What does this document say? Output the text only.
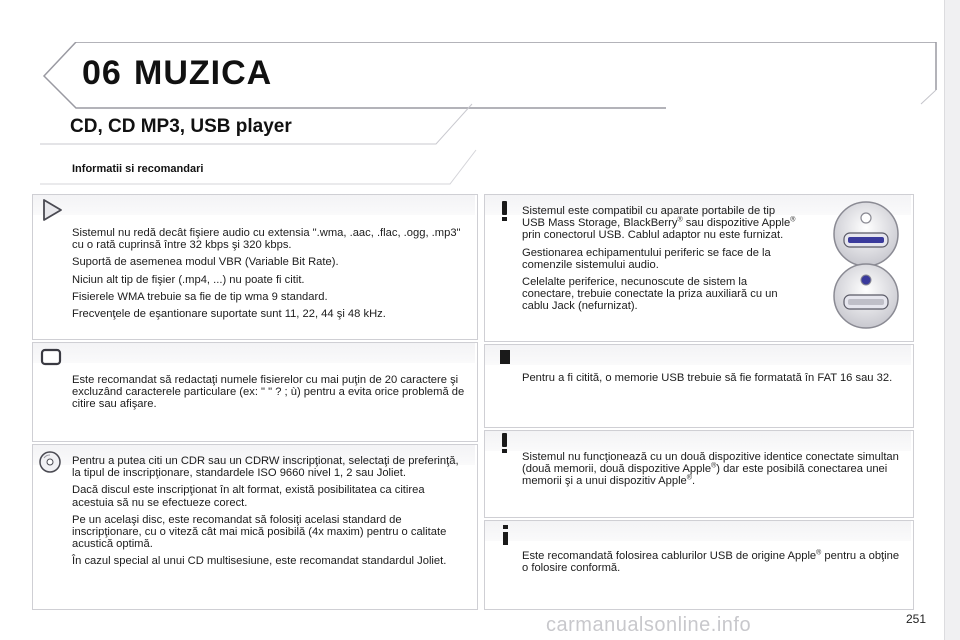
06 MUZICA
CD, CD MP3, USB player
Informatii si recomandari

Sistemul nu redă decât fişiere audio cu extensia ".wma, .aac, .flac, .ogg, .mp3" cu o rată cuprinsă între 32 kbps şi 320 kbps.

Suportă de asemenea modul VBR (Variable Bit Rate).

Niciun alt tip de fişier (.mp4, ...) nu poate fi citit.

Fisierele WMA trebuie sa fie de tip wma 9 standard.

Frecvenţele de eşantionare suportate sunt 11, 22, 44 şi 48 kHz.

Este recomandat să redactaţi numele fisierelor cu mai puţin de 20 caractere şi excluzând caracterele particulare (ex: " " ? ; ù) pentru a evita orice problemă de citire sau afişare.

Pentru a putea citi un CDR sau un CDRW inscripţionat, selectaţi de preferinţă, la tipul de inscripţionare, standardele ISO 9660 nivel 1, 2 sau Joliet.

Dacă discul este inscripţionat în alt format, există posibilitatea ca citirea acestuia să nu se efectueze corect.

Pe un acelaşi disc, este recomandat să folosiţi acelasi standard de inscripţionare, cu o viteză cât mai mică posibilă (4x maxim) pentru o calitate acustică optimă.

În cazul special al unui CD multisesiune, este recomandat standardul Joliet.

Sistemul este compatibil cu aparate portabile de tip USB Mass Storage, BlackBerry® sau dispozitive Apple® prin conectorul USB. Cablul adaptor nu este furnizat.

Gestionarea echipamentului periferic se face de la comenzile sistemului audio.

Celelalte periferice, necunoscute de sistem la conectare, trebuie conectate la priza auxiliară cu un cablu Jack (nefurnizat).

Pentru a fi citită, o memorie USB trebuie să fie formatată în FAT 16 sau 32.
Sistemul nu funcţionează cu un două dispozitive identice conectate simultan (două memorii, două dispozitive Apple®) dar este posibilă conectarea unei memorii şi a unui dispozitiv Apple®.
Este recomandată folosirea cablurilor USB de origine Apple® pentru a obţine o folosire conformă.
carmanualsonline.info	251
